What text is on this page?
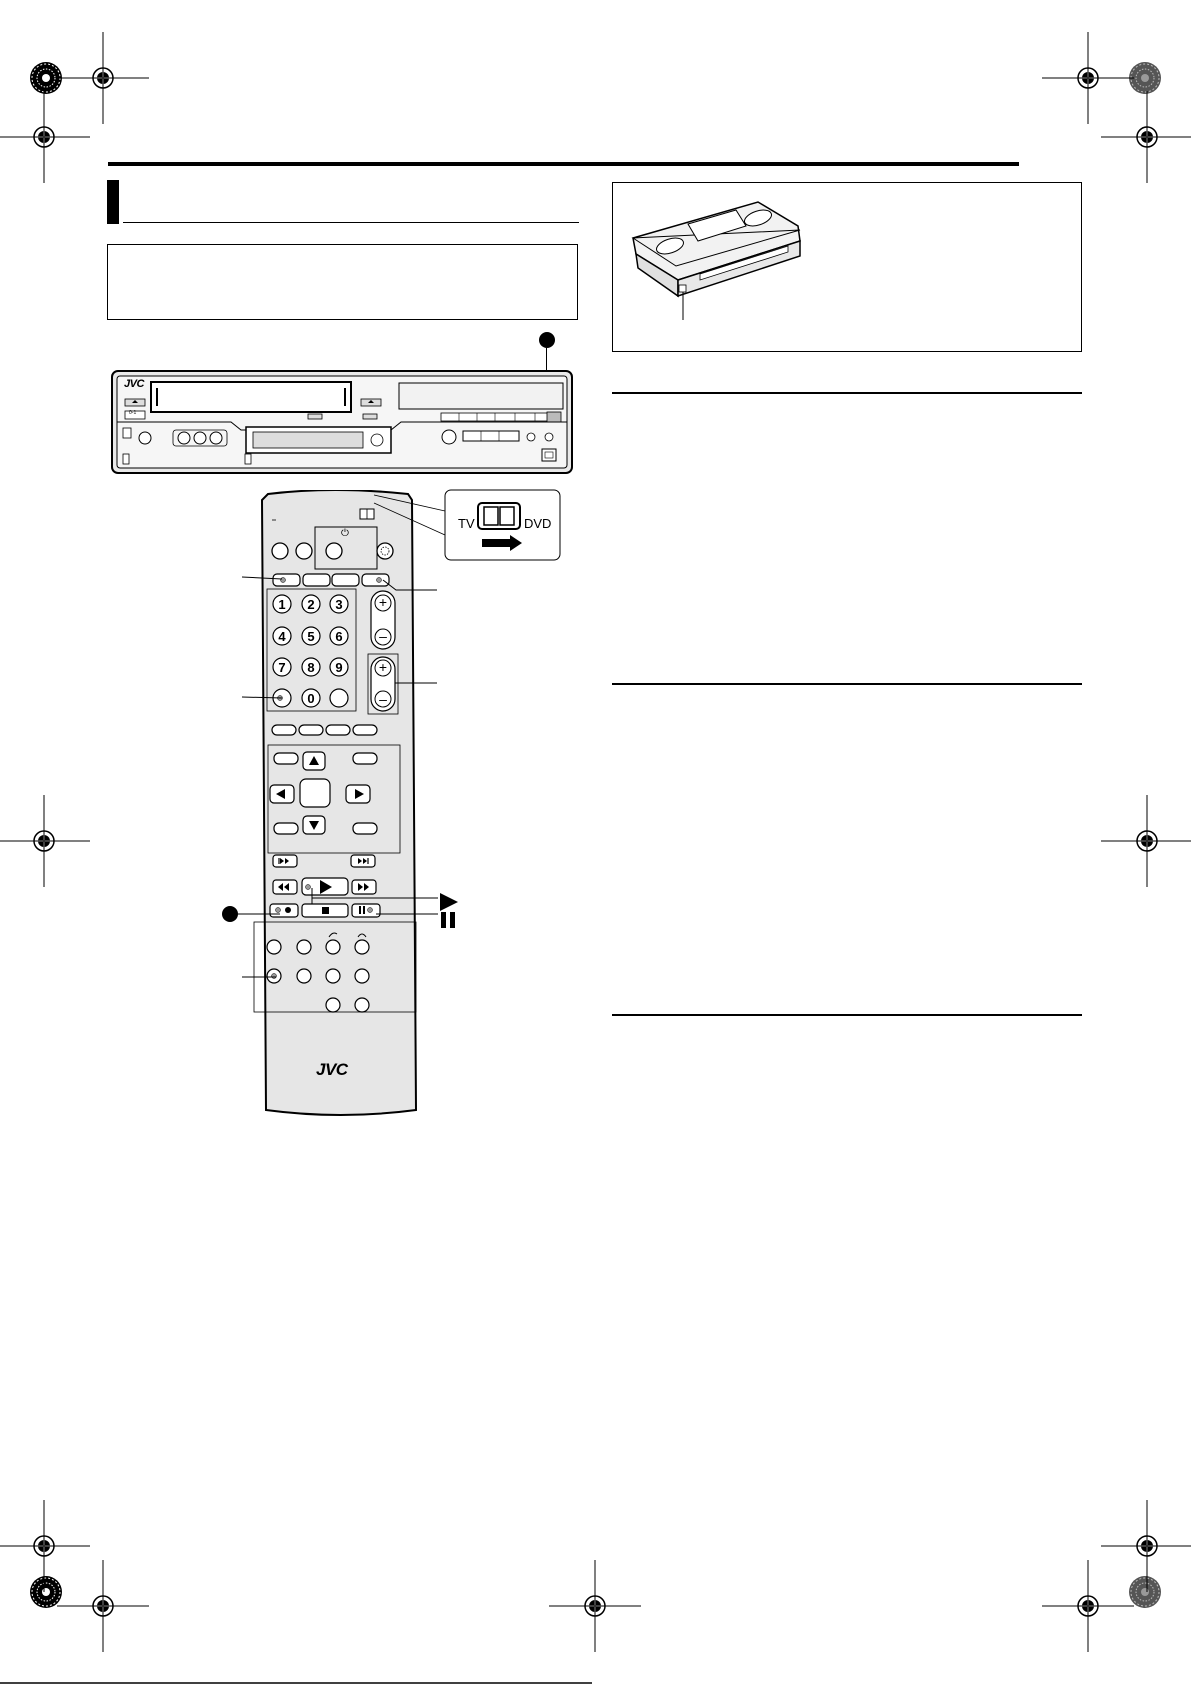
JVC
0-1
1 2 3
4 5 6
7 8 9
0
+
–
+
–
JVC
⏻
TV	DVD
